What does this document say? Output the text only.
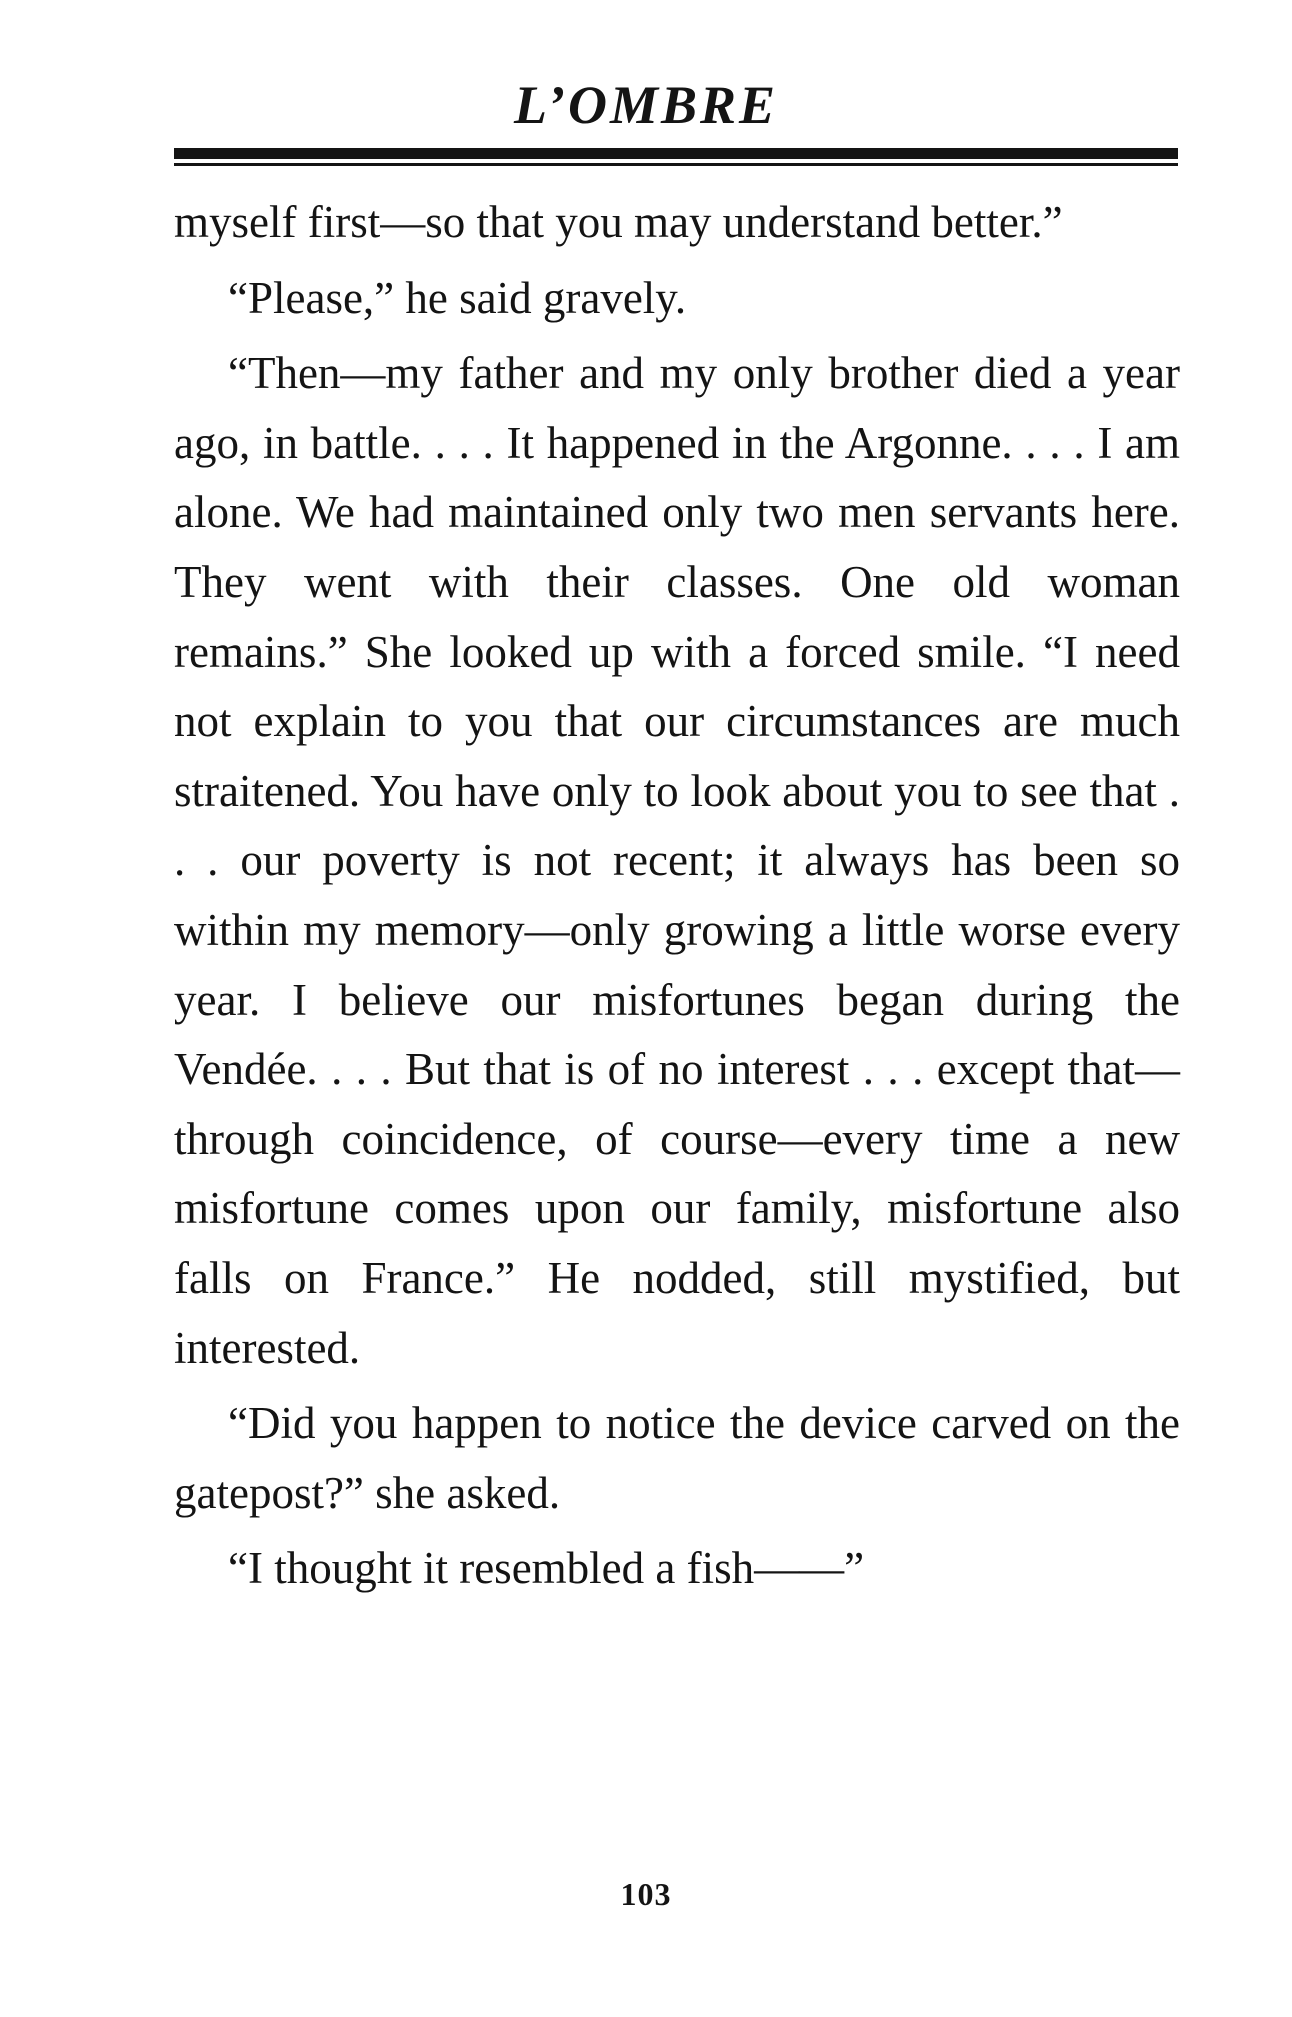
L’OMBRE

myself first—so that you may understand better.”

“Please,” he said gravely.

“Then—my father and my only brother died a year ago, in battle. . . . It happened in the Argonne. . . . I am alone. We had maintained only two men servants here. They went with their classes. One old woman remains.” She looked up with a forced smile. “I need not explain to you that our circumstances are much straitened. You have only to look about you to see that . . . our poverty is not recent; it always has been so within my memory—only growing a little worse every year. I believe our misfortunes began during the Vendée. . . . But that is of no interest . . . except that—through coincidence, of course—every time a new misfortune comes upon our family, misfortune also falls on France.” He nodded, still mystified, but interested.

“Did you happen to notice the device carved on the gatepost?” she asked.

“I thought it resembled a fish——”

103
